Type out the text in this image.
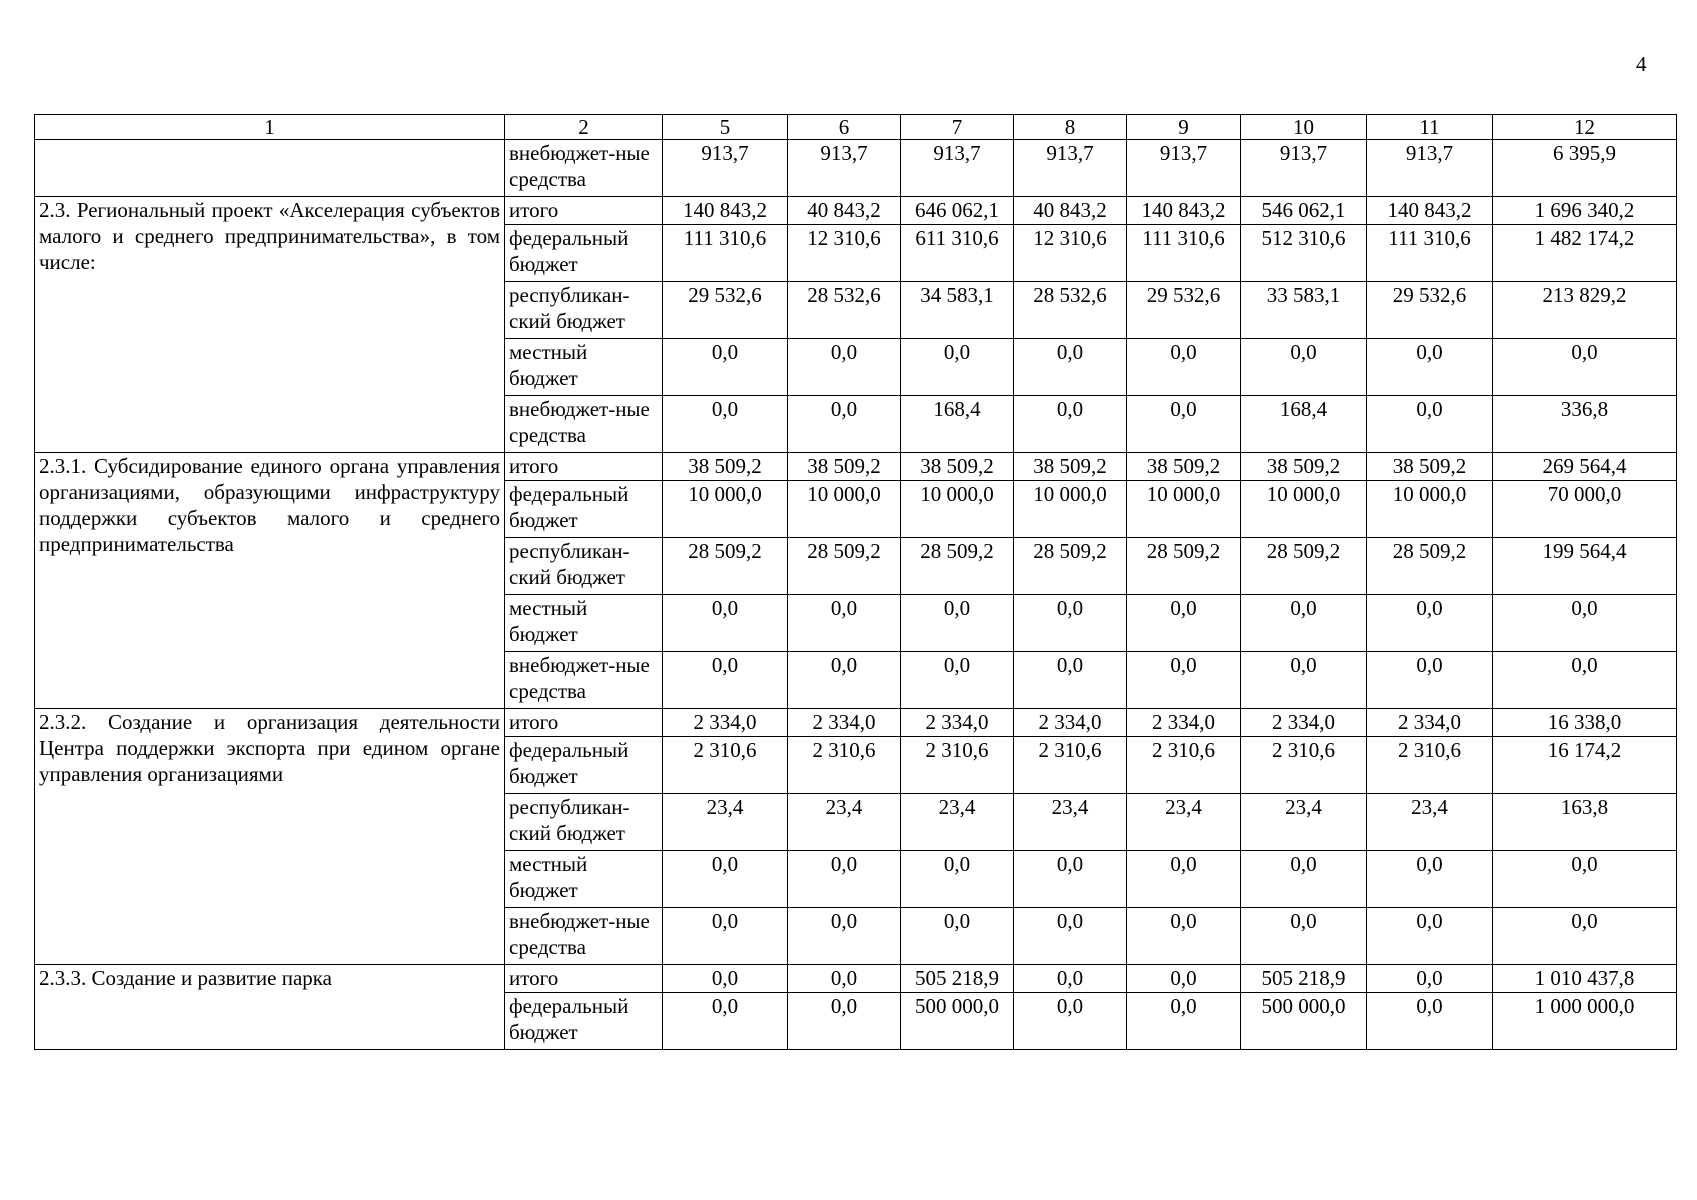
4
1	2	5	6	7	8	9	10	11	12
	внебюджет-ные средства	913,7	913,7	913,7	913,7	913,7	913,7	913,7	6 395,9
2.3. Региональный проект «Акселерация субъектов малого и среднего предпринимательства», в том числе:	итого	140 843,2	40 843,2	646 062,1	40 843,2	140 843,2	546 062,1	140 843,2	1 696 340,2
	федеральный бюджет	111 310,6	12 310,6	611 310,6	12 310,6	111 310,6	512 310,6	111 310,6	1 482 174,2
	республикан-ский бюджет	29 532,6	28 532,6	34 583,1	28 532,6	29 532,6	33 583,1	29 532,6	213 829,2
	местный бюджет	0,0	0,0	0,0	0,0	0,0	0,0	0,0	0,0
	внебюджет-ные средства	0,0	0,0	168,4	0,0	0,0	168,4	0,0	336,8
2.3.1. Субсидирование единого органа управления организациями, образующими инфраструктуру поддержки субъектов малого и среднего предпринимательства	итого	38 509,2	38 509,2	38 509,2	38 509,2	38 509,2	38 509,2	38 509,2	269 564,4
	федеральный бюджет	10 000,0	10 000,0	10 000,0	10 000,0	10 000,0	10 000,0	10 000,0	70 000,0
	республикан-ский бюджет	28 509,2	28 509,2	28 509,2	28 509,2	28 509,2	28 509,2	28 509,2	199 564,4
	местный бюджет	0,0	0,0	0,0	0,0	0,0	0,0	0,0	0,0
	внебюджет-ные средства	0,0	0,0	0,0	0,0	0,0	0,0	0,0	0,0
2.3.2. Создание и организация деятельности Центра поддержки экспорта при едином органе управления организациями	итого	2 334,0	2 334,0	2 334,0	2 334,0	2 334,0	2 334,0	2 334,0	16 338,0
	федеральный бюджет	2 310,6	2 310,6	2 310,6	2 310,6	2 310,6	2 310,6	2 310,6	16 174,2
	республикан-ский бюджет	23,4	23,4	23,4	23,4	23,4	23,4	23,4	163,8
	местный бюджет	0,0	0,0	0,0	0,0	0,0	0,0	0,0	0,0
	внебюджет-ные средства	0,0	0,0	0,0	0,0	0,0	0,0	0,0	0,0
2.3.3. Создание и развитие парка	итого	0,0	0,0	505 218,9	0,0	0,0	505 218,9	0,0	1 010 437,8
	федеральный бюджет	0,0	0,0	500 000,0	0,0	0,0	500 000,0	0,0	1 000 000,0
